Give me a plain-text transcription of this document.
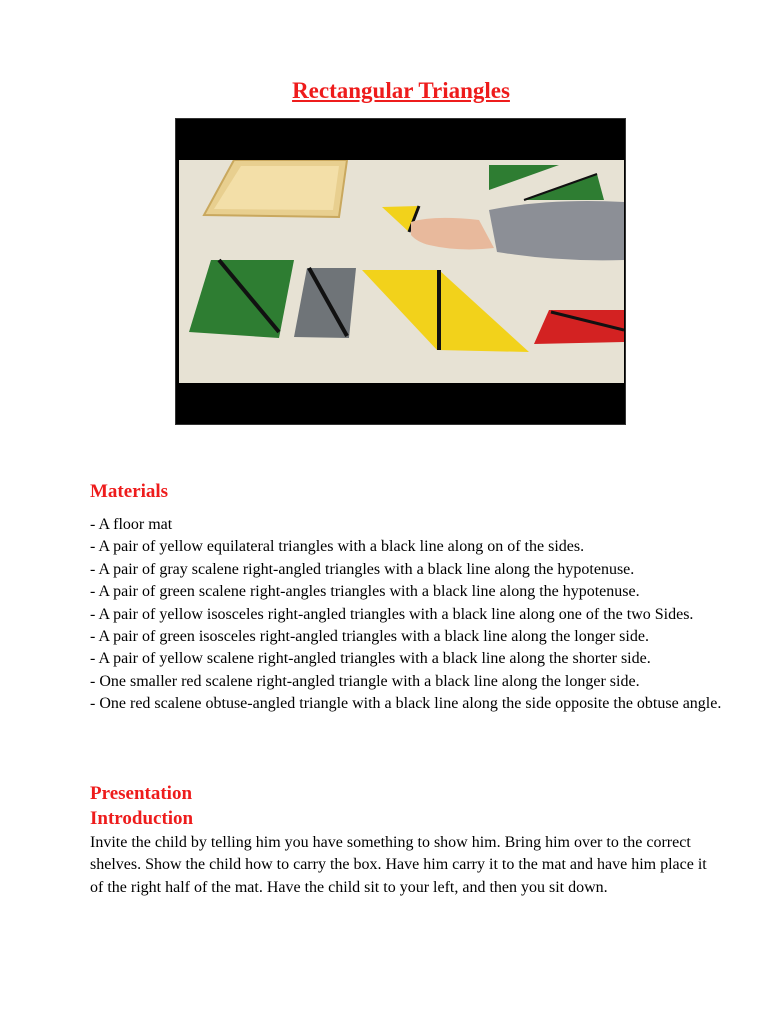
Rectangular Triangles
Materials
- A floor mat
- A pair of yellow equilateral triangles with a black line along on of the sides.
- A pair of gray scalene right-angled triangles with a black line along the hypotenuse.
- A pair of green scalene right-angles triangles with a black line along the hypotenuse.
- A pair of yellow isosceles right-angled triangles with a black line along one of the two Sides.
- A pair of green isosceles right-angled triangles with a black line along the longer side.
- A pair of yellow scalene right-angled triangles with a black line along the shorter side.
- One smaller red scalene right-angled triangle with a black line along the longer side.
- One red scalene obtuse-angled triangle with a black line along the side opposite the obtuse angle.
Presentation
Introduction

Invite the child by telling him you have something to show him. Bring him over to the correct shelves. Show the child how to carry the box. Have him carry it to the mat and have him place it of the right half of the mat. Have the child sit to your left, and then you sit down.
